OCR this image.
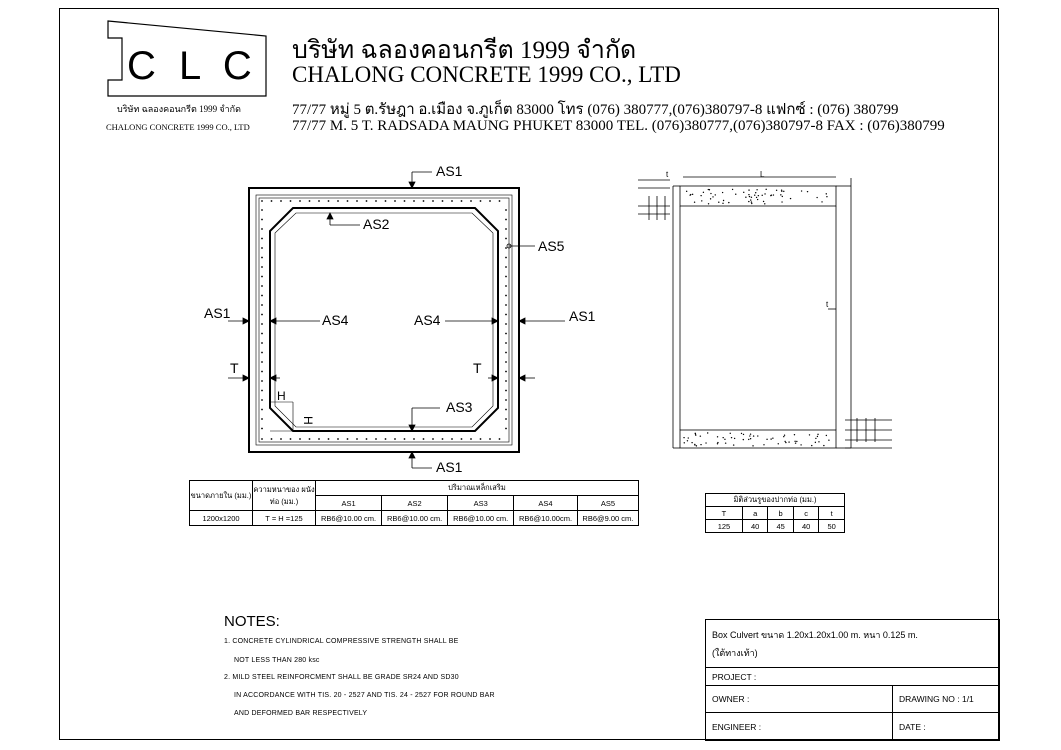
C L C
บริษัท ฉลองคอนกรีต 1999 จำกัด
CHALONG CONCRETE 1999 CO., LTD
บริษัท ฉลองคอนกรีต 1999 จำกัด
CHALONG CONCRETE 1999 CO., LTD
77/77 หมู่ 5 ต.รัษฎา อ.เมือง จ.ภูเก็ต 83000 โทร (076) 380777,(076)380797-8 แฟกซ์ : (076) 380799
77/77 M. 5 T. RADSADA MAUNG PHUKET 83000 TEL. (076)380777,(076)380797-8 FAX : (076)380799
AS1
AS2
AS5
AS1	AS4	AS4	AS1
T	T
H
H
AS3
AS1
L
t
t
ขนาดภายใน (มม.)	ความหนาของ ผนังท่อ (มม.)	ปริมาณเหล็กเสริม				
		AS1	AS2	AS3	AS4	AS5
1200x1200	T = H =125	RB6@10.00 cm.	RB6@10.00 cm.	RB6@10.00 cm.	RB6@10.00cm.	RB6@9.00 cm.
มิติส่วนรูของปากท่อ (มม.)				
T	a	b	c	t
125	40	45	40	50
NOTES:
1. CONCRETE CYLINDRICAL COMPRESSIVE STRENGTH SHALL BE
NOT LESS THAN 280 ksc
2. MILD STEEL REINFORCMENT SHALL BE GRADE SR24 AND SD30
IN ACCORDANCE WITH TIS. 20 - 2527 AND TIS. 24 - 2527 FOR ROUND BAR
AND DEFORMED BAR RESPECTIVELY
Box Culvert ขนาด 1.20x1.20x1.00 m. หนา 0.125 m.
(ใต้ทางเท้า)	

PROJECT :	
OWNER :	DRAWING NO : 1/1
ENGINEER :	DATE :
